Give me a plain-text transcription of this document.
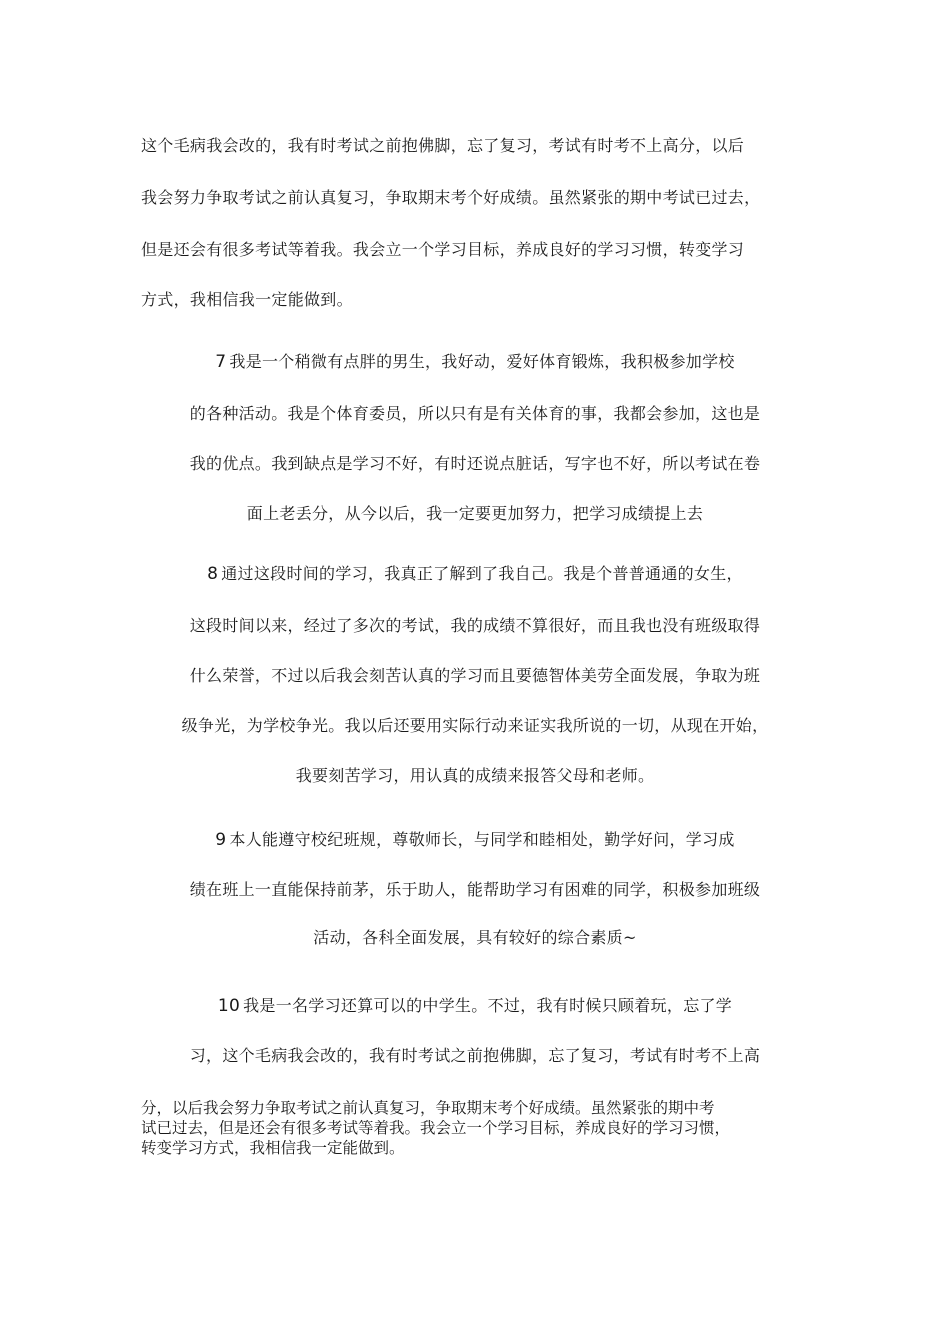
这个毛病我会改的，我有时考试之前抱佛脚，忘了复习，考试有时考不上高分，以后
我会努力争取考试之前认真复习，争取期末考个好成绩。虽然紧张的期中考试已过去，
但是还会有很多考试等着我。我会立一个学习目标，养成良好的学习习惯，转变学习
方式，我相信我一定能做到。
7 我是一个稍微有点胖的男生，我好动，爱好体育锻炼，我积极参加学校
的各种活动。我是个体育委员，所以只有是有关体育的事，我都会参加，这也是
我的优点。我到缺点是学习不好，有时还说点脏话，写字也不好，所以考试在卷
面上老丢分，从今以后，我一定要更加努力，把学习成绩提上去
8 通过这段时间的学习，我真正了解到了我自己。我是个普普通通的女生，
这段时间以来，经过了多次的考试，我的成绩不算很好，而且我也没有班级取得
什么荣誉，不过以后我会刻苦认真的学习而且要德智体美劳全面发展，争取为班
级争光，为学校争光。我以后还要用实际行动来证实我所说的一切，从现在开始，
我要刻苦学习，用认真的成绩来报答父母和老师。
9 本人能遵守校纪班规，尊敬师长，与同学和睦相处，勤学好问，学习成
绩在班上一直能保持前茅，乐于助人，能帮助学习有困难的同学，积极参加班级
活动，各科全面发展，具有较好的综合素质~
10 我是一名学习还算可以的中学生。不过，我有时候只顾着玩，忘了学
习，这个毛病我会改的，我有时考试之前抱佛脚，忘了复习，考试有时考不上高
分，以后我会努力争取考试之前认真复习，争取期末考个好成绩。虽然紧张的期中考
试已过去，但是还会有很多考试等着我。我会立一个学习目标，养成良好的学习习惯，
转变学习方式，我相信我一定能做到。
